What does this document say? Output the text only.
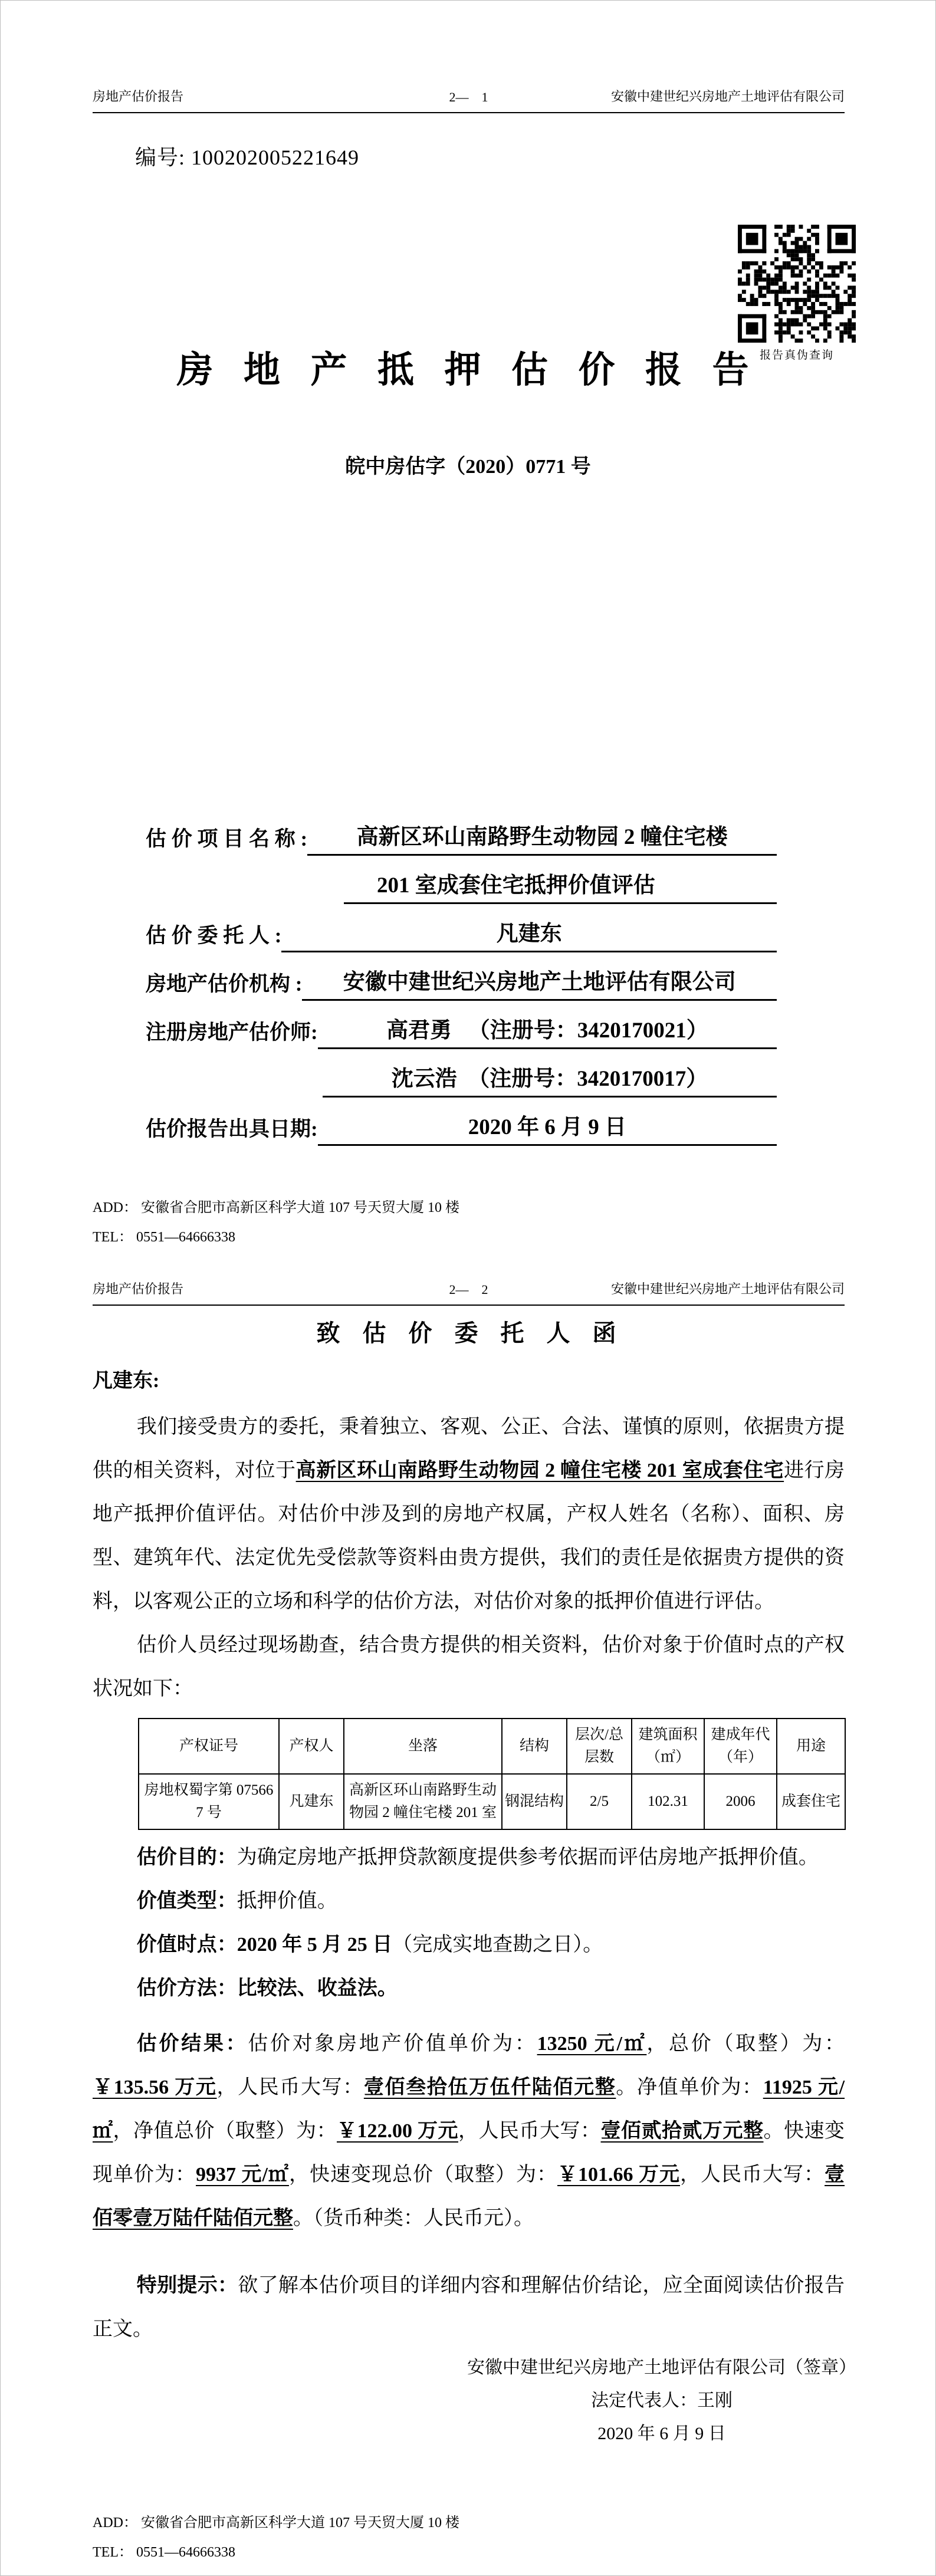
房地产估价报告	2—    1	安徽中建世纪兴房地产土地评估有限公司
编号: 100202005221649
报告真伪查询
房 地 产 抵 押 估 价 报 告
皖中房估字（2020）0771 号
估 价 项 目 名 称 :	高新区环山南路野生动物园 2 幢住宅楼
201 室成套住宅抵押价值评估
估 价 委 托 人 :	凡建东
房地产估价机构 :	安徽中建世纪兴房地产土地评估有限公司
注册房地产估价师:	高君勇   （注册号：3420170021）
沈云浩  （注册号：3420170017）
估价报告出具日期:	2020 年 6 月 9 日
ADD： 安徽省合肥市高新区科学大道 107 号天贸大厦 10 楼
TEL： 0551—64666338
房地产估价报告	2—    2	安徽中建世纪兴房地产土地评估有限公司
致  估  价  委  托  人  函
凡建东:

我们接受贵方的委托，秉着独立、客观、公正、合法、谨慎的原则，依据贵方提供的相关资料，对位于高新区环山南路野生动物园 2 幢住宅楼 201 室成套住宅进行房地产抵押价值评估。对估价中涉及到的房地产权属，产权人姓名（名称）、面积、房型、建筑年代、法定优先受偿款等资料由贵方提供，我们的责任是依据贵方提供的资料，以客观公正的立场和科学的估价方法，对估价对象的抵押价值进行评估。

估价人员经过现场勘查，结合贵方提供的相关资料，估价对象于价值时点的产权状况如下：

产权证号	产权人	坐落	结构	层次/总层数	建筑面积（㎡）	建成年代（年）	用途
房地权蜀字第 075667 号	凡建东	高新区环山南路野生动物园 2 幢住宅楼 201 室	钢混结构	2/5	102.31	2006	成套住宅

估价目的：为确定房地产抵押贷款额度提供参考依据而评估房地产抵押价值。

价值类型：抵押价值。

价值时点：2020 年 5 月 25 日（完成实地查勘之日）。

估价方法：比较法、收益法。

估价结果：估价对象房地产价值单价为：13250 元/㎡，总价（取整）为：￥135.56 万元，人民币大写：壹佰叁拾伍万伍仟陆佰元整。净值单价为：11925 元/㎡，净值总价（取整）为：￥122.00 万元，人民币大写：壹佰贰拾贰万元整。快速变现单价为：9937 元/㎡，快速变现总价（取整）为：￥101.66 万元，人民币大写：壹佰零壹万陆仟陆佰元整。（货币种类：人民币元）。

特别提示：欲了解本估价项目的详细内容和理解估价结论，应全面阅读估价报告正文。

安徽中建世纪兴房地产土地评估有限公司（签章）
法定代表人：王刚
2020 年 6 月 9 日
ADD： 安徽省合肥市高新区科学大道 107 号天贸大厦 10 楼
TEL： 0551—64666338
